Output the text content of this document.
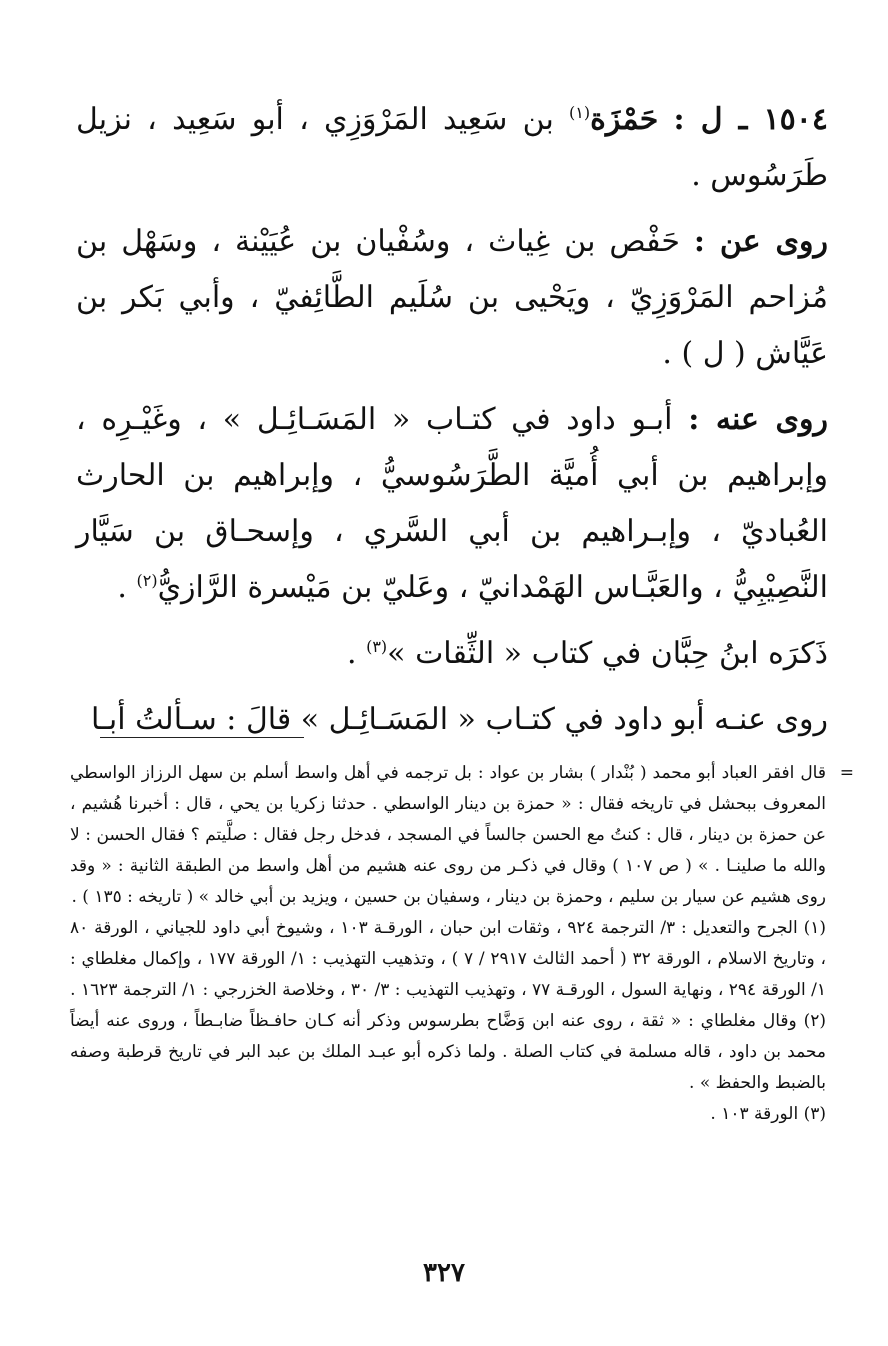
١٥٠٤ ـ ل : حَمْزَة$^{(١)}$ بن سَعِيد المَرْوَزِي ، أبو سَعِيد ، نزيل طَرَسُوس .

روى عن : حَفْص بن غِياث ، وسُفْيان بن عُيَيْنة ، وسَهْل بن مُزاحم المَرْوَزِيّ ، ويَحْيى بن سُلَيم الطَّائِفيّ ، وأبي بَكر بن عَيَّاش ( ل ) .

روى عنه : أبـو داود في كتـاب « المَسَـائِـل » ، وغَيْـرِه ، وإبراهيم بن أبي أُميَّة الطَّرَسُوسيُّ ، وإبراهيم بن الحارث العُباديّ ، وإبـراهيم بن أبي السَّري ، وإسحـاق بن سَيَّار النَّصِيْبِيُّ ، والعَبَّـاس الهَمْدانيّ ، وعَليّ بن مَيْسرة الرَّازيُّ$^{(٢)}$ .

ذَكرَه ابنُ حِبَّان في كتاب « الثِّقات »$^{(٣)}$ .

روى عنـه أبو داود في كتـاب « المَسَـائِـل » قالَ : سـألتُ أبـا

=

قال افقر العباد أبو محمد ( بُنْدار ) بشار بن عواد : بل ترجمه في أهل واسط أسلم بن سهل الرزاز الواسطي المعروف ببحشل في تاريخه فقال : « حمزة بن دينار الواسطي . حدثنا زكريا بن يحي ، قال : أخبرنا هُشيم ، عن حمزة بن دينار ، قال : كنتُ مع الحسن جالساً في المسجد ، فدخل رجل فقال : صلَّيتم ؟ فقال الحسن : لا والله ما صلينـا . » ( ص ١٠٧ ) وقال في ذكـر من روى عنه هشيم من أهل واسط من الطبقة الثانية : « وقد روى هشيم عن سيار بن سليم ، وحمزة بن دينار ، وسفيان بن حسين ، ويزيد بن أبي خالد » ( تاريخه : ١٣٥ ) .

(١) الجرح والتعديل : ٣/ الترجمة ٩٢٤ ، وثقات ابن حبان ، الورقـة ١٠٣ ، وشيوخ أبي داود للجياني ، الورقة ٨٠ ، وتاريخ الاسلام ، الورقة ٣٢ ( أحمد الثالث ٢٩١٧ / ٧ ) ، وتذهيب التهذيب : ١/ الورقة ١٧٧ ، وإكمال مغلطاي : ١/ الورقة ٢٩٤ ، ونهاية السول ، الورقـة ٧٧ ، وتهذيب التهذيب : ٣/ ٣٠ ، وخلاصة الخزرجي : ١/ الترجمة ١٦٢٣ .

(٢) وقال مغلطاي : « ثقة ، روى عنه ابن وَضَّاح بطرسوس وذكر أنه كـان حافـظاً ضابـطاً ، وروى عنه أيضاً محمد بن داود ، قاله مسلمة في كتاب الصلة . ولما ذكره أبو عبـد الملك بن عبد البر في تاريخ قرطبة وصفه بالضبط والحفظ » .

(٣) الورقة ١٠٣ .

٣٢٧
